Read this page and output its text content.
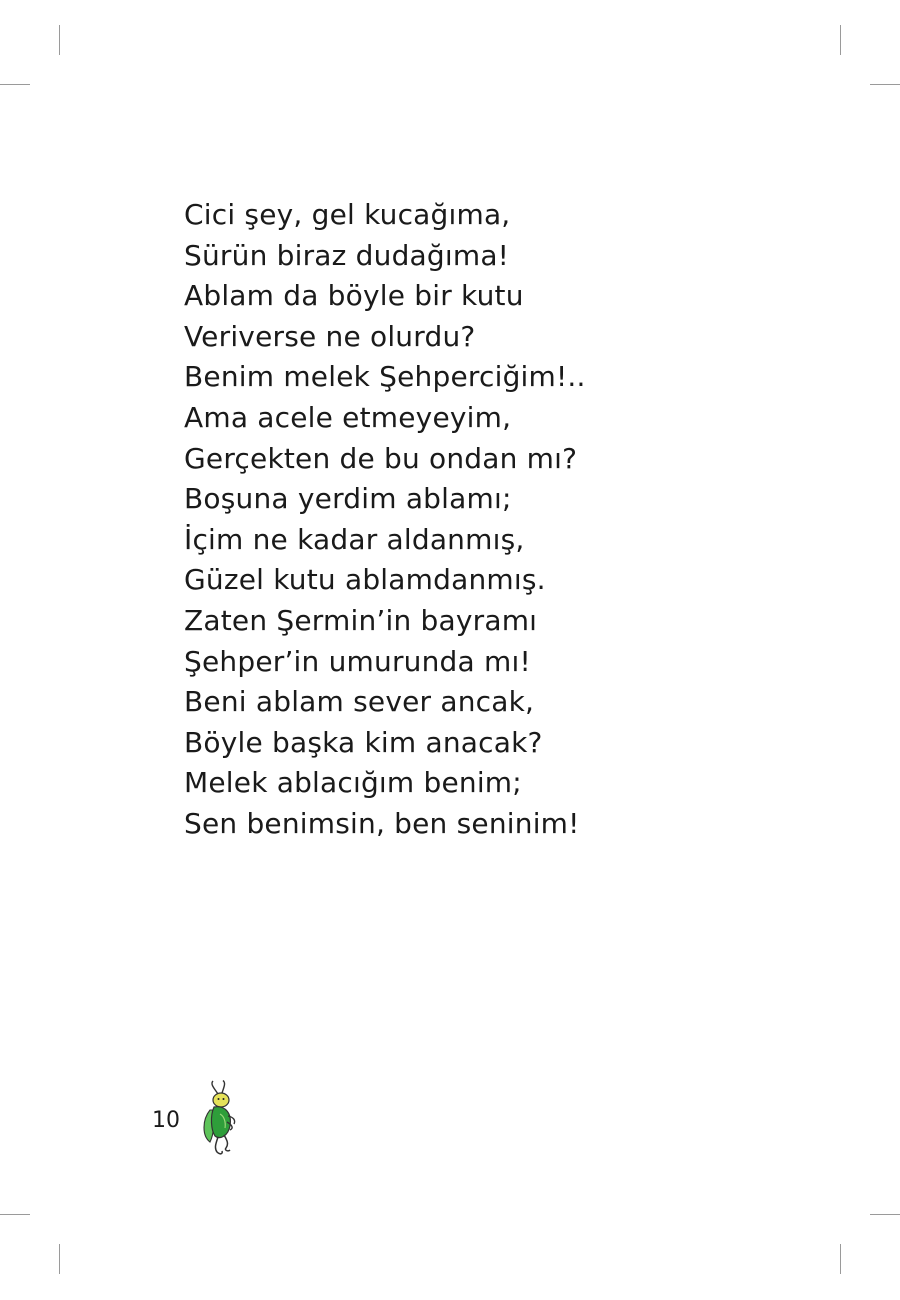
Cici şey, gel kucağıma,
Sürün biraz dudağıma!
Ablam da böyle bir kutu
Veriverse ne olurdu?
Benim melek Şehperciğim!..
Ama acele etmeyeyim,
Gerçekten de bu ondan mı?
Boşuna yerdim ablamı;
İçim ne kadar aldanmış,
Güzel kutu ablamdanmış.
Zaten Şermin’in bayramı
Şehper’in umurunda mı!
Beni ablam sever ancak,
Böyle başka kim anacak?
Melek ablacığım benim;
Sen benimsin, ben seninim!
10
